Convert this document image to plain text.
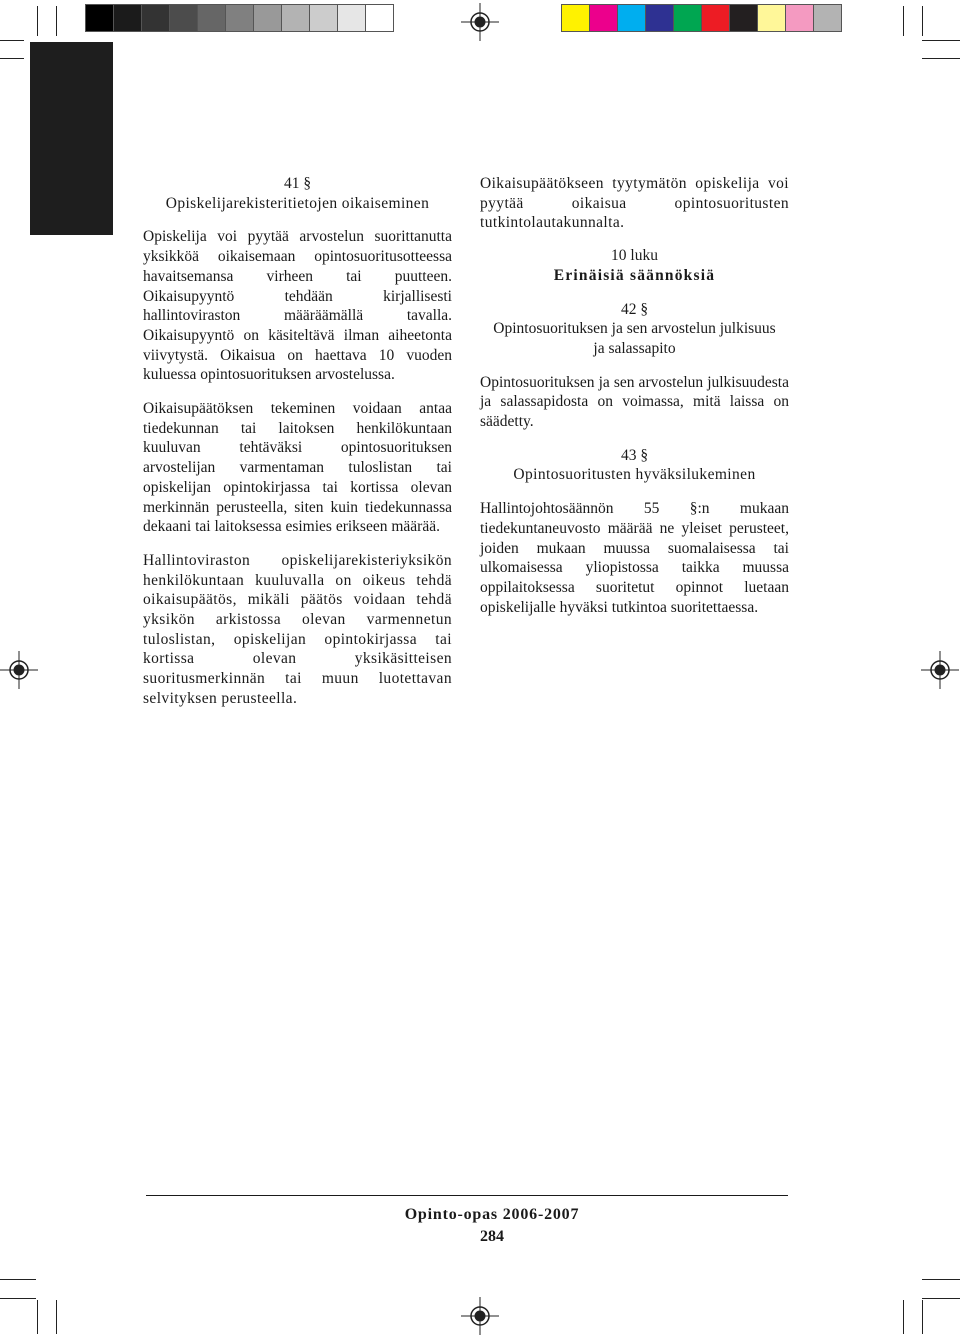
41 §

Opiskelijarekisteritietojen oikaiseminen

Opiskelija voi pyytää arvostelun suorittanutta yksikköä oikaisemaan opintosuoritusotteessa havaitsemansa virheen tai puutteen. Oikaisupyyntö tehdään kirjallisesti hallintoviraston määräämällä tavalla. Oikaisupyyntö on käsiteltävä ilman aiheetonta viivytystä. Oikaisua on haettava 10 vuoden kuluessa opintosuorituksen arvostelussa.

Oikaisupäätöksen tekeminen voidaan antaa tiedekunnan tai laitoksen henkilökuntaan kuuluvan tehtäväksi opintosuorituksen arvostelijan varmentaman tuloslistan tai opiskelijan opintokirjassa tai kortissa olevan merkinnän perusteella, siten kuin tiedekunnassa dekaani tai laitoksessa esimies erikseen määrää.

Hallintoviraston opiskelijarekisteriyksikön henkilökuntaan kuuluvalla on oikeus tehdä oikaisupäätös, mikäli päätös voidaan tehdä yksikön arkistossa olevan varmennetun tuloslistan, opiskelijan opintokirjassa tai kortissa olevan yksikäsitteisen suoritusmerkinnän tai muun luotettavan selvityksen perusteella.

Oikaisupäätökseen tyytymätön opiskelija voi pyytää oikaisua opintosuoritusten tutkintolautakunnalta.

10 luku

Erinäisiä säännöksiä

42 §

Opintosuorituksen ja sen arvostelun julkisuus ja salassapito

Opintosuorituksen ja sen arvostelun julkisuudesta ja salassapidosta on voimassa, mitä laissa on säädetty.

43 §

Opintosuoritusten hyväksilukeminen

Hallintojohtosäännön 55 §:n mukaan tiedekuntaneuvosto määrää ne yleiset perusteet, joiden mukaan muussa suomalaisessa tai ulkomaisessa yliopistossa taikka muussa oppilaitoksessa suoritetut opinnot luetaan opiskelijalle hyväksi tutkintoa suoritettaessa.

Opinto-opas 2006-2007
284
